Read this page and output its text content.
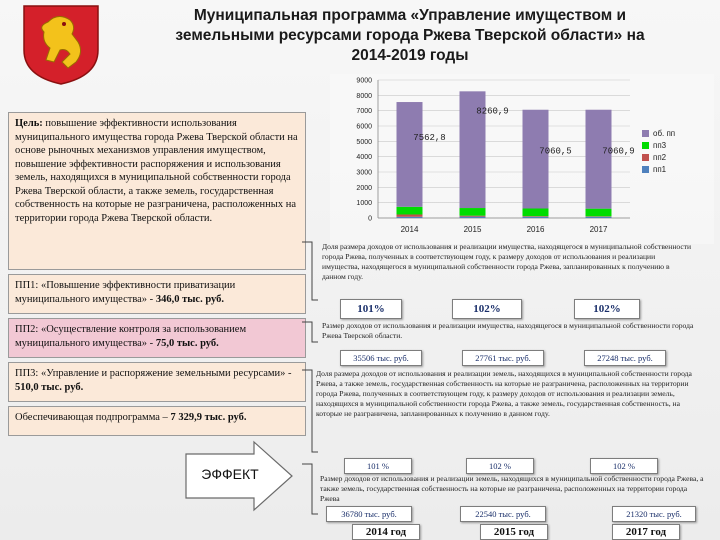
Муниципальная программа «Управление имуществом и
земельными ресурсами города Ржева Тверской области» на
2014-2019 годы
Цель: повышение эффективности использования муниципального имущества города Ржева Тверской области на основе рыночных механизмов управления имуществом, повышение эффективности распоряжения и использования земель, находящихся в муниципальной собственности города Ржева Тверской области, а также земель, государственная собственность на которые не разграничена, расположенных на территории города Ржева Тверской области.
ПП1: «Повышение эффективности приватизации муниципального имущества» - 346,0 тыс. руб.
ПП2: «Осуществление контроля за использованием муниципального имущества» - 75,0 тыс. руб.
ПП3: «Управление и распоряжение земельными ресурсами» - 510,0 тыс. руб.
Обеспечивающая подпрограмма – 7 329,9 тыс. руб.
ЭФФЕКТ
0
1000
2000
3000
4000
5000
6000
7000
8000
9000
2014
7562,8
2015
8260,9
2016
7060,5
2017
7060,9
об. пп
пп3
пп2
пп1
Доля размера доходов от использования и реализации имущества, находящегося в муниципальной собственности города Ржева, полученных в соответствующем году, к размеру доходов от использования и реализации имущества, находящегося в муниципальной собственности города Ржева, запланированных к получению в данном году.
101%	102%	102%
Размер доходов от использования и реализации имущества, находящегося в муниципальной собственности города Ржева Тверской области.
35506 тыс. руб.	27761 тыс. руб.	27248 тыс. руб.
Доля размера доходов от использования и реализации земель, находящихся в муниципальной собственности города Ржева, а также земель, государственная собственность на которые не разграничена, расположенных на территории города Ржева, полученных в соответствующем году, к размеру доходов от использования и реализации земель, находящихся в муниципальной собственности города Ржева, а также земель, государственная собственность, на которые не разграничена, запланированных к получению в данном году.
101 %	102 %	102 %
Размер доходов от использования и реализации земель, находящихся в муниципальной собственности города Ржева, а также земель, государственная собственность на которые не разграничена, расположенных на территории города Ржева
36780 тыс. руб.	22540 тыс. руб.	21320 тыс. руб.
2014 год	2015 год	2017 год
